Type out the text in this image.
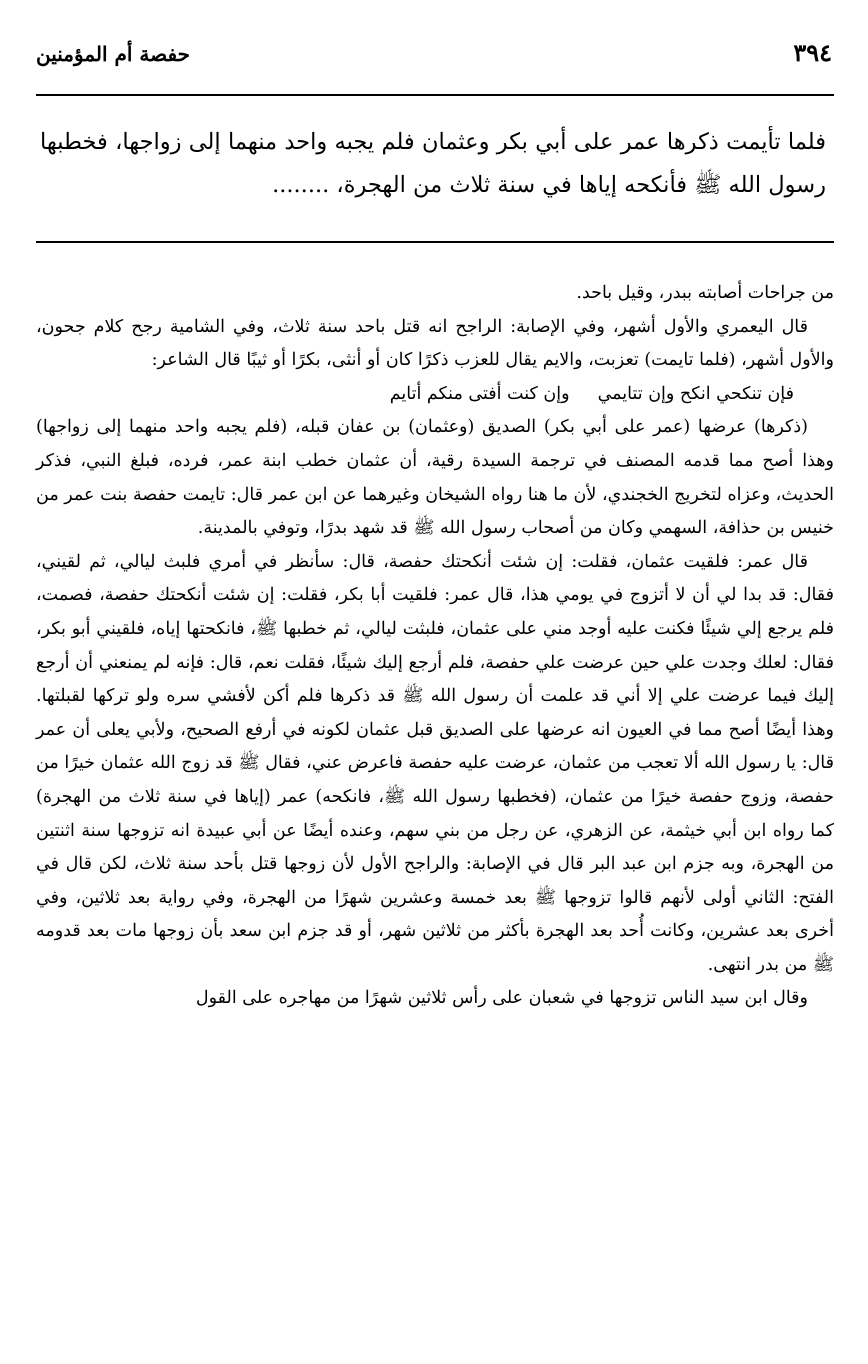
٣٩٤
حفصة أم المؤمنين
فلما تأيمت ذكرها عمر على أبي بكر وعثمان فلم يجبه واحد منهما إلى زواجها، فخطبها رسول الله ﷺ فأنكحه إياها في سنة ثلاث من الهجرة، ........

من جراحات أصابته ببدر، وقيل باحد.

قال اليعمري والأول أشهر، وفي الإصابة: الراجح انه قتل باحد سنة ثلاث، وفي الشامية رجح كلام جحون، والأول أشهر، (فلما تايمت) تعزبت، والايم يقال للعزب ذكرًا كان أو أنثى، بكرًا أو ثيبًا قال الشاعر:

فإن تنكحي انكح وإن تتايمي
وإن كنت أفتى منكم أتايم

(ذكرها) عرضها (عمر على أبي بكر) الصديق (وعثمان) بن عفان قبله، (فلم يجبه واحد منهما إلى زواجها) وهذا أصح مما قدمه المصنف في ترجمة السيدة رقية، أن عثمان خطب ابنة عمر، فرده، فبلغ النبي، فذكر الحديث، وعزاه لتخريج الخجندي، لأن ما هنا رواه الشيخان وغيرهما عن ابن عمر قال: تايمت حفصة بنت عمر من خنيس بن حذافة، السهمي وكان من أصحاب رسول الله ﷺ قد شهد بدرًا، وتوفي بالمدينة.

قال عمر: فلقيت عثمان، فقلت: إن شئت أنكحتك حفصة، قال: سأنظر في أمري فلبث ليالي، ثم لقيني، فقال: قد بدا لي أن لا أتزوج في يومي هذا، قال عمر: فلقيت أبا بكر، فقلت: إن شئت أنكحتك حفصة، فصمت، فلم يرجع إلي شيئًا فكنت عليه أوجد مني على عثمان، فلبثت ليالي، ثم خطبها ﷺ، فانكحتها إياه، فلقيني أبو بكر، فقال: لعلك وجدت علي حين عرضت علي حفصة، فلم أرجع إليك شيئًا، فقلت نعم، قال: فإنه لم يمنعني أن أرجع إليك فيما عرضت علي إلا أني قد علمت أن رسول الله ﷺ قد ذكرها فلم أكن لأفشي سره ولو تركها لقبلتها. وهذا أيضًا أصح مما في العيون انه عرضها على الصديق قبل عثمان لكونه في أرفع الصحيح، ولأبي يعلى أن عمر قال: يا رسول الله ألا تعجب من عثمان، عرضت عليه حفصة فاعرض عني، فقال ﷺ قد زوج الله عثمان خيرًا من حفصة، وزوج حفصة خيرًا من عثمان، (فخطبها رسول الله ﷺ، فانكحه) عمر (إياها في سنة ثلاث من الهجرة) كما رواه ابن أبي خيثمة، عن الزهري، عن رجل من بني سهم، وعنده أيضًا عن أبي عبيدة انه تزوجها سنة اثنتين من الهجرة، وبه جزم ابن عبد البر قال في الإصابة: والراجح الأول لأن زوجها قتل بأحد سنة ثلاث، لكن قال في الفتح: الثاني أولى لأنهم قالوا تزوجها ﷺ بعد خمسة وعشرين شهرًا من الهجرة، وفي رواية بعد ثلاثين، وفي أخرى بعد عشرين، وكانت أُحد بعد الهجرة بأكثر من ثلاثين شهر، أو قد جزم ابن سعد بأن زوجها مات بعد قدومه ﷺ من بدر انتهى.

وقال ابن سيد الناس تزوجها في شعبان على رأس ثلاثين شهرًا من مهاجره على القول
